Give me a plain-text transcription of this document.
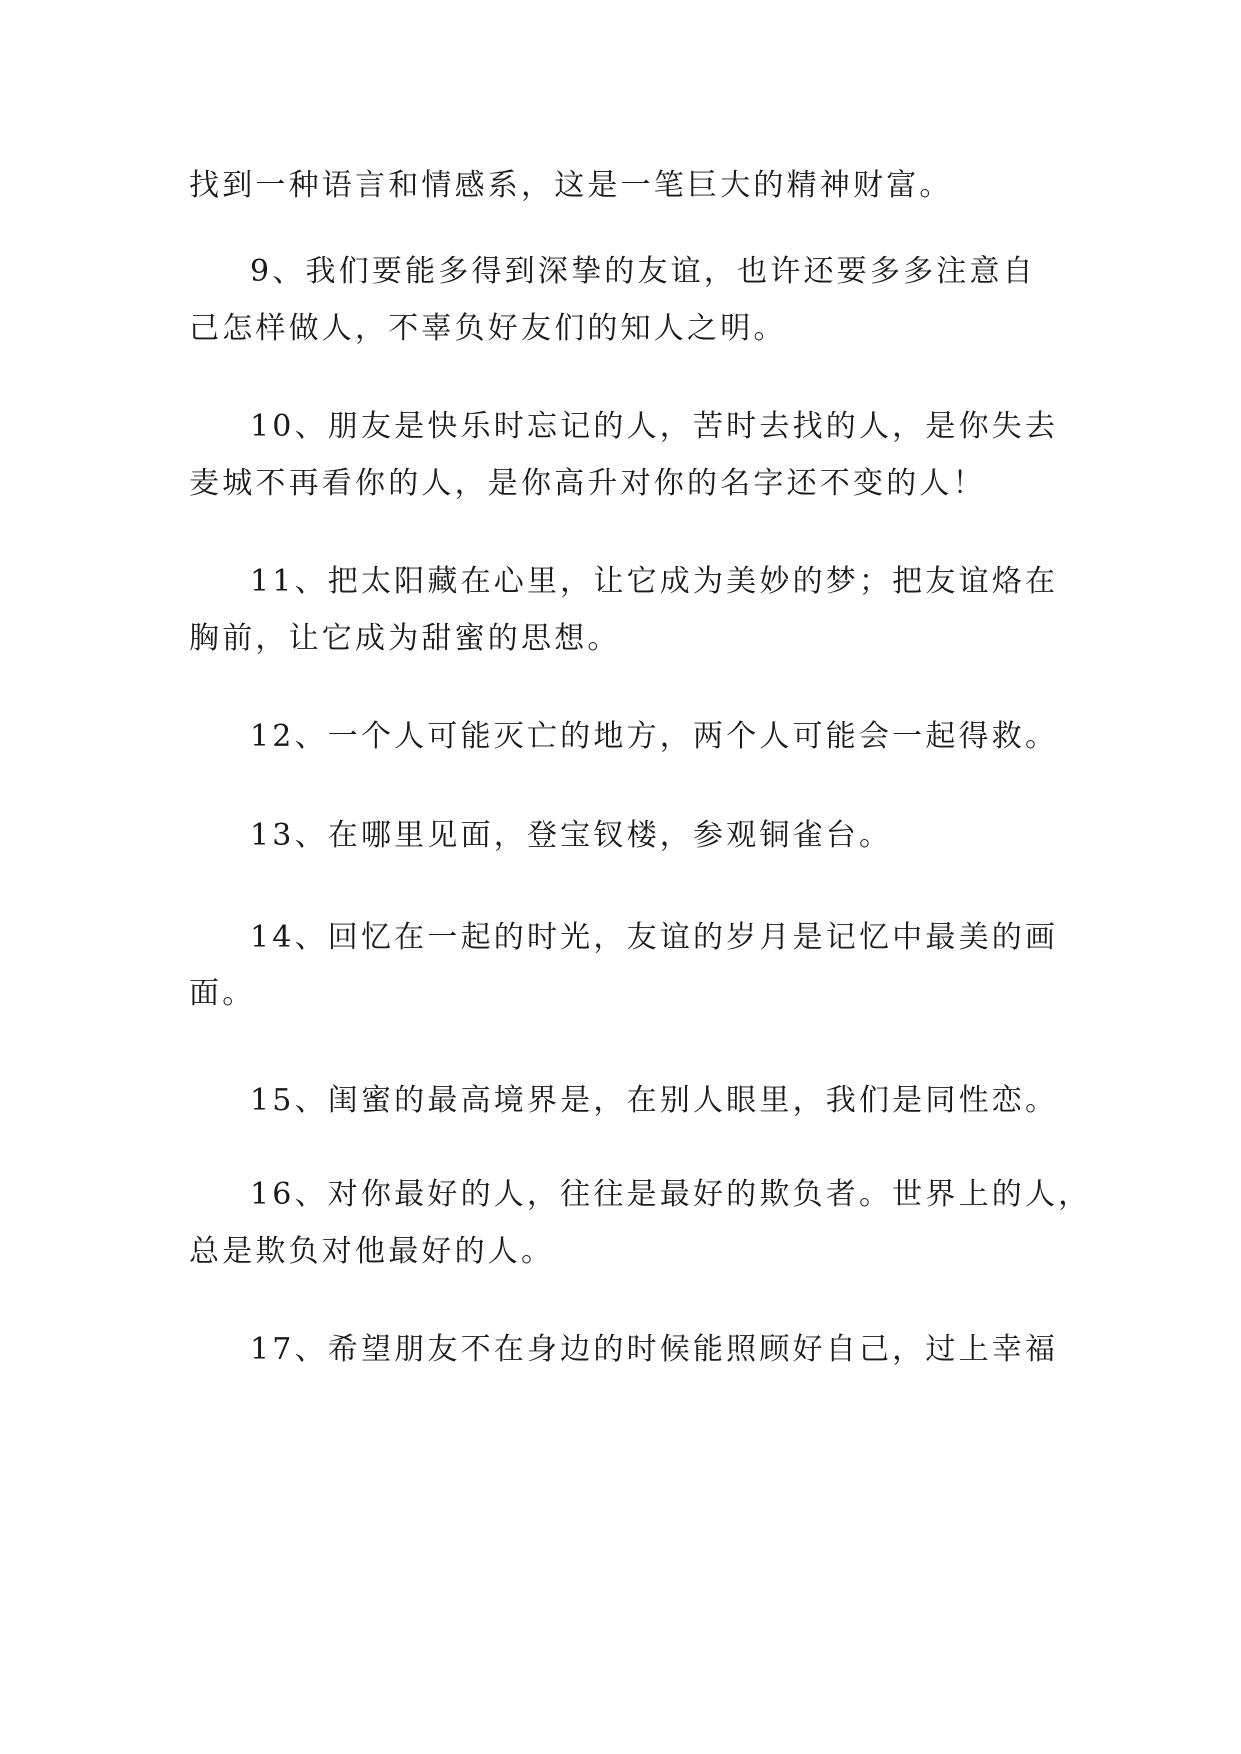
找到一种语言和情感系，这是一笔巨大的精神财富。
9、我们要能多得到深挚的友谊，也许还要多多注意自
己怎样做人，不辜负好友们的知人之明。
10、朋友是快乐时忘记的人，苦时去找的人，是你失去
麦城不再看你的人，是你高升对你的名字还不变的人！
11、把太阳藏在心里，让它成为美妙的梦；把友谊烙在
胸前，让它成为甜蜜的思想。
12、一个人可能灭亡的地方，两个人可能会一起得救。
13、在哪里见面，登宝钗楼，参观铜雀台。
14、回忆在一起的时光，友谊的岁月是记忆中最美的画
面。
15、闺蜜的最高境界是，在别人眼里，我们是同性恋。
16、对你最好的人，往往是最好的欺负者。世界上的人，
总是欺负对他最好的人。
17、希望朋友不在身边的时候能照顾好自己，过上幸福
